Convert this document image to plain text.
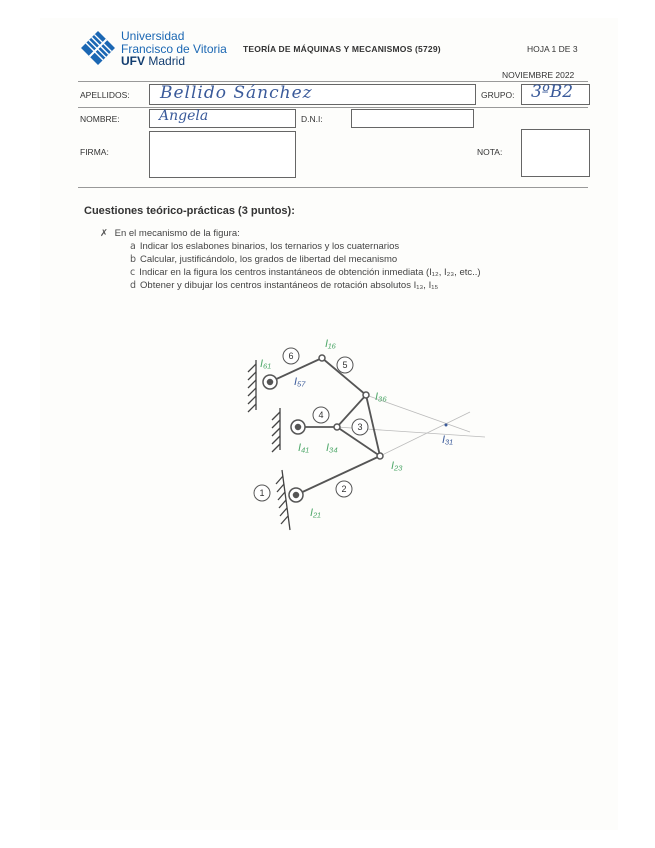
Universidad
Francisco de Vitoria
UFV Madrid
TEORÍA DE MÁQUINAS Y MECANISMOS (5729)	HOJA 1 DE 3
NOVIEMBRE 2022
APELLIDOS: Bellido Sánchez	GRUPO: 3ºB2
NOMBRE:	Angela	D.N.I:
FIRMA:	NOTA:
Cuestiones teórico-prácticas (3 puntos):
✗ En el mecanismo de la figura:
a Indicar los eslabones binarios, los ternarios y los cuaternarios
b Calcular, justificándolo, los grados de libertad del mecanismo
c Indicar en la figura los centros instantáneos de obtención inmediata (I₁₂, I₂₃, etc..)
d Obtener y dibujar los centros instantáneos de rotación absolutos I₁₃, I₁₅
1	2
3
4
5
6
I₁₆
I₆₁
I₃₆
I₄₁ I₃₄
I₂₃
I₂₁
I₅₇
I₃₁
